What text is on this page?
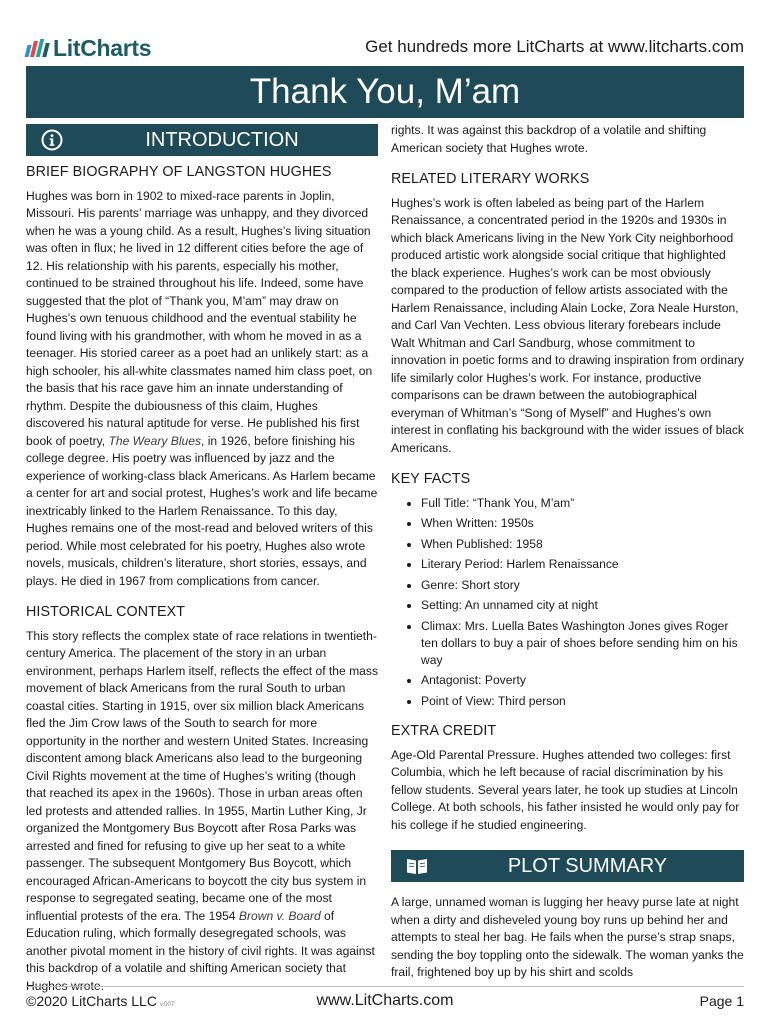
LitCharts	Get hundreds more LitCharts at www.litcharts.com
Thank You, M’am
INTRODUCTION
BRIEF BIOGRAPHY OF LANGSTON HUGHES

Hughes was born in 1902 to mixed-race parents in Joplin, Missouri. His parents’ marriage was unhappy, and they divorced when he was a young child. As a result, Hughes’s living situation was often in flux; he lived in 12 different cities before the age of 12. His relationship with his parents, especially his mother, continued to be strained throughout his life. Indeed, some have suggested that the plot of “Thank you, M’am” may draw on Hughes’s own tenuous childhood and the eventual stability he found living with his grandmother, with whom he moved in as a teenager. His storied career as a poet had an unlikely start: as a high schooler, his all-white classmates named him class poet, on the basis that his race gave him an innate understanding of rhythm. Despite the dubiousness of this claim, Hughes discovered his natural aptitude for verse. He published his first book of poetry, The Weary Blues, in 1926, before finishing his college degree. His poetry was influenced by jazz and the experience of working-class black Americans. As Harlem became a center for art and social protest, Hughes’s work and life became inextricably linked to the Harlem Renaissance. To this day, Hughes remains one of the most-read and beloved writers of this period. While most celebrated for his poetry, Hughes also wrote novels, musicals, children’s literature, short stories, essays, and plays. He died in 1967 from complications from cancer.

HISTORICAL CONTEXT

This story reflects the complex state of race relations in twentieth-century America. The placement of the story in an urban environment, perhaps Harlem itself, reflects the effect of the mass movement of black Americans from the rural South to urban coastal cities. Starting in 1915, over six million black Americans fled the Jim Crow laws of the South to search for more opportunity in the norther and western United States. Increasing discontent among black Americans also lead to the burgeoning Civil Rights movement at the time of Hughes’s writing (though that reached its apex in the 1960s). Those in urban areas often led protests and attended rallies. In 1955, Martin Luther King, Jr organized the Montgomery Bus Boycott after Rosa Parks was arrested and fined for refusing to give up her seat to a white passenger. The subsequent Montgomery Bus Boycott, which encouraged African-Americans to boycott the city bus system in response to segregated seating, became one of the most influential protests of the era. The 1954 Brown v. Board of Education ruling, which formally desegregated schools, was another pivotal moment in the history of civil rights. It was against this backdrop of a volatile and shifting American society that Hughes wrote.

rights. It was against this backdrop of a volatile and shifting American society that Hughes wrote.

RELATED LITERARY WORKS

Hughes’s work is often labeled as being part of the Harlem Renaissance, a concentrated period in the 1920s and 1930s in which black Americans living in the New York City neighborhood produced artistic work alongside social critique that highlighted the black experience. Hughes’s work can be most obviously compared to the production of fellow artists associated with the Harlem Renaissance, including Alain Locke, Zora Neale Hurston, and Carl Van Vechten. Less obvious literary forebears include Walt Whitman and Carl Sandburg, whose commitment to innovation in poetic forms and to drawing inspiration from ordinary life similarly color Hughes’s work. For instance, productive comparisons can be drawn between the autobiographical everyman of Whitman’s “Song of Myself” and Hughes’s own interest in conflating his background with the wider issues of black Americans.

KEY FACTS
Full Title: “Thank You, M’am”
When Written: 1950s
When Published: 1958
Literary Period: Harlem Renaissance
Genre: Short story
Setting: An unnamed city at night
Climax: Mrs. Luella Bates Washington Jones gives Roger ten dollars to buy a pair of shoes before sending him on his way
Antagonist: Poverty
Point of View: Third person
EXTRA CREDIT

Age-Old Parental Pressure. Hughes attended two colleges: first Columbia, which he left because of racial discrimination by his fellow students. Several years later, he took up studies at Lincoln College. At both schools, his father insisted he would only pay for his college if he studied engineering.

PLOT SUMMARY

A large, unnamed woman is lugging her heavy purse late at night when a dirty and disheveled young boy runs up behind her and attempts to steal her bag. He fails when the purse’s strap snaps, sending the boy toppling onto the sidewalk. The woman yanks the frail, frightened boy up by his shirt and scolds

©2020 LitCharts LLC v.007	www.LitCharts.com	Page 1
